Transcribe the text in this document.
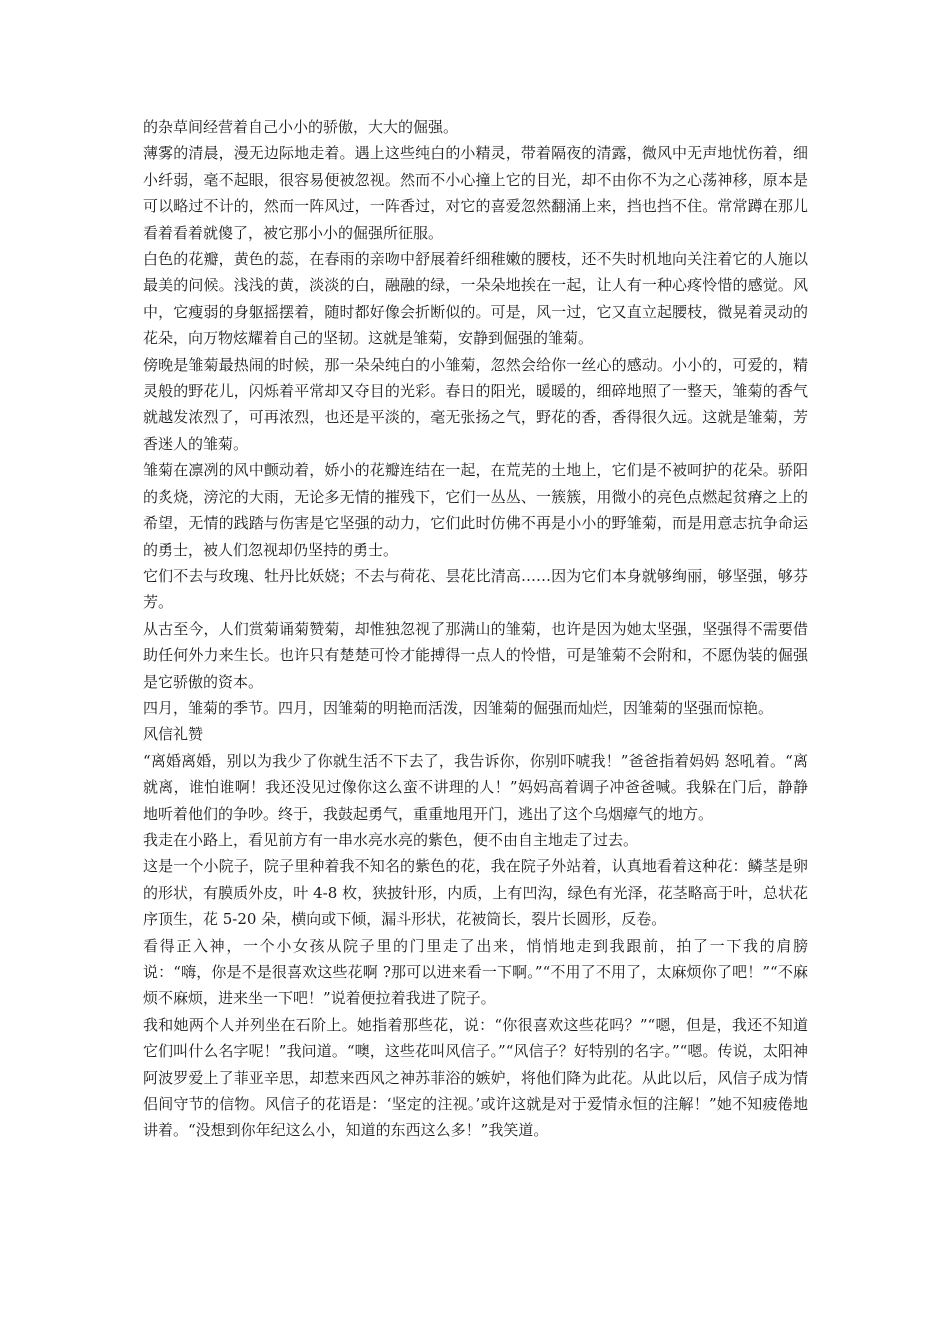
的杂草间经营着自己小小的骄傲，大大的倔强。

薄雾的清晨，漫无边际地走着。遇上这些纯白的小精灵，带着隔夜的清露，微风中无声地忧伤着，细小纤弱，毫不起眼，很容易便被忽视。然而不小心撞上它的目光，却不由你不为之心荡神移，原本是可以略过不计的，然而一阵风过，一阵香过，对它的喜爱忽然翻涌上来，挡也挡不住。常常蹲在那儿看着看着就傻了，被它那小小的倔强所征服。

白色的花瓣，黄色的蕊，在春雨的亲吻中舒展着纤细稚嫩的腰枝，还不失时机地向关注着它的人施以最美的问候。浅浅的黄，淡淡的白，融融的绿，一朵朵地挨在一起，让人有一种心疼怜惜的感觉。风中，它瘦弱的身躯摇摆着，随时都好像会折断似的。可是，风一过，它又直立起腰枝，微晃着灵动的花朵，向万物炫耀着自己的坚韧。这就是雏菊，安静到倔强的雏菊。

傍晚是雏菊最热闹的时候，那一朵朵纯白的小雏菊，忽然会给你一丝心的感动。小小的，可爱的，精灵般的野花儿，闪烁着平常却又夺目的光彩。春日的阳光，暖暖的，细碎地照了一整天，雏菊的香气就越发浓烈了，可再浓烈，也还是平淡的，毫无张扬之气，野花的香，香得很久远。这就是雏菊，芳香迷人的雏菊。

雏菊在凛冽的风中颤动着，娇小的花瓣连结在一起，在荒芜的土地上，它们是不被呵护的花朵。骄阳的炙烧，滂沱的大雨，无论多无情的摧残下，它们一丛丛、一簇簇，用微小的亮色点燃起贫瘠之上的希望，无情的践踏与伤害是它坚强的动力，它们此时仿佛不再是小小的野雏菊，而是用意志抗争命运的勇士，被人们忽视却仍坚持的勇士。

它们不去与玫瑰、牡丹比妖娆；不去与荷花、昙花比清高……因为它们本身就够绚丽，够坚强，够芬芳。

从古至今，人们赏菊诵菊赞菊，却惟独忽视了那满山的雏菊，也许是因为她太坚强，坚强得不需要借助任何外力来生长。也许只有楚楚可怜才能搏得一点人的怜惜，可是雏菊不会附和，不愿伪装的倔强是它骄傲的资本。

四月，雏菊的季节。四月，因雏菊的明艳而活泼，因雏菊的倔强而灿烂，因雏菊的坚强而惊艳。

风信礼赞

“离婚离婚，别以为我少了你就生活不下去了，我告诉你，你别吓唬我！”爸爸指着妈妈 怒吼着。“离就离，谁怕谁啊！我还没见过像你这么蛮不讲理的人！”妈妈高着调子冲爸爸喊。我躲在门后，静静地听着他们的争吵。终于，我鼓起勇气，重重地甩开门，逃出了这个乌烟瘴气的地方。

我走在小路上，看见前方有一串水亮水亮的紫色，便不由自主地走了过去。

这是一个小院子，院子里种着我不知名的紫色的花，我在院子外站着，认真地看着这种花：鳞茎是卵的形状，有膜质外皮，叶 4-8 枚，狭披针形，内质，上有凹沟，绿色有光泽，花茎略高于叶，总状花序顶生，花 5-20 朵，横向或下倾，漏斗形状，花被筒长，裂片长圆形，反卷。

看得正入神，一个小女孩从院子里的门里走了出来，悄悄地走到我跟前，拍了一下我的肩膀说：“嗨，你是不是很喜欢这些花啊 ?那可以进来看一下啊。”“不用了不用了，太麻烦你了吧！”“不麻烦不麻烦，进来坐一下吧！”说着便拉着我进了院子。

我和她两个人并列坐在石阶上。她指着那些花，说：“你很喜欢这些花吗？”“嗯，但是，我还不知道它们叫什么名字呢！”我问道。“噢，这些花叫风信子。”“风信子？好特别的名字。”“嗯。传说，太阳神阿波罗爱上了菲亚辛思，却惹来西风之神苏菲浴的嫉妒，将他们降为此花。从此以后，风信子成为情侣间守节的信物。风信子的花语是：‘坚定的注视。’或许这就是对于爱情永恒的注解！”她不知疲倦地讲着。“没想到你年纪这么小，知道的东西这么多！”我笑道。
